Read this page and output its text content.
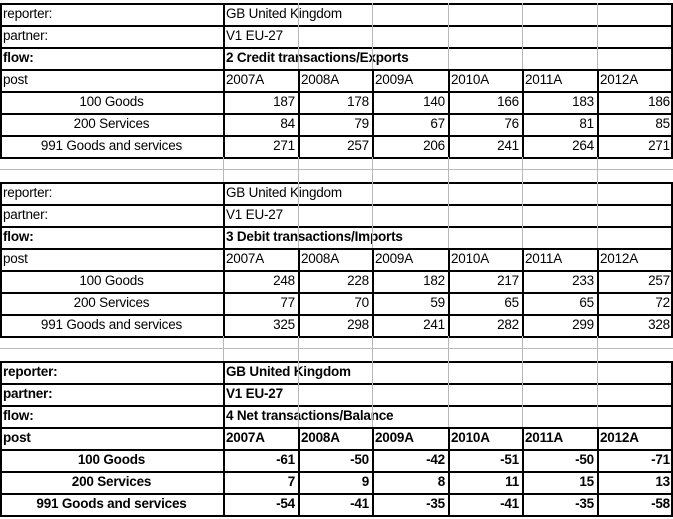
reporter:	GB United Kingdom
partner:	V1 EU-27
flow:	2 Credit transactions/Exports
post	2007A	2008A	2009A	2010A	2011A	2012A
100 Goods	187	178	140	166	183	186
200 Services	84	79	67	76	81	85
991 Goods and services	271	257	206	241	264	271
reporter:	GB United Kingdom
partner:	V1 EU-27
flow:	3 Debit transactions/Imports
post	2007A	2008A	2009A	2010A	2011A	2012A
100 Goods	248	228	182	217	233	257
200 Services	77	70	59	65	65	72
991 Goods and services	325	298	241	282	299	328
reporter:	GB United Kingdom
partner:	V1 EU-27
flow:	4 Net transactions/Balance
post	2007A	2008A	2009A	2010A	2011A	2012A
100 Goods	-61	-50	-42	-51	-50	-71
200 Services	7	9	8	11	15	13
991 Goods and services	-54	-41	-35	-41	-35	-58
